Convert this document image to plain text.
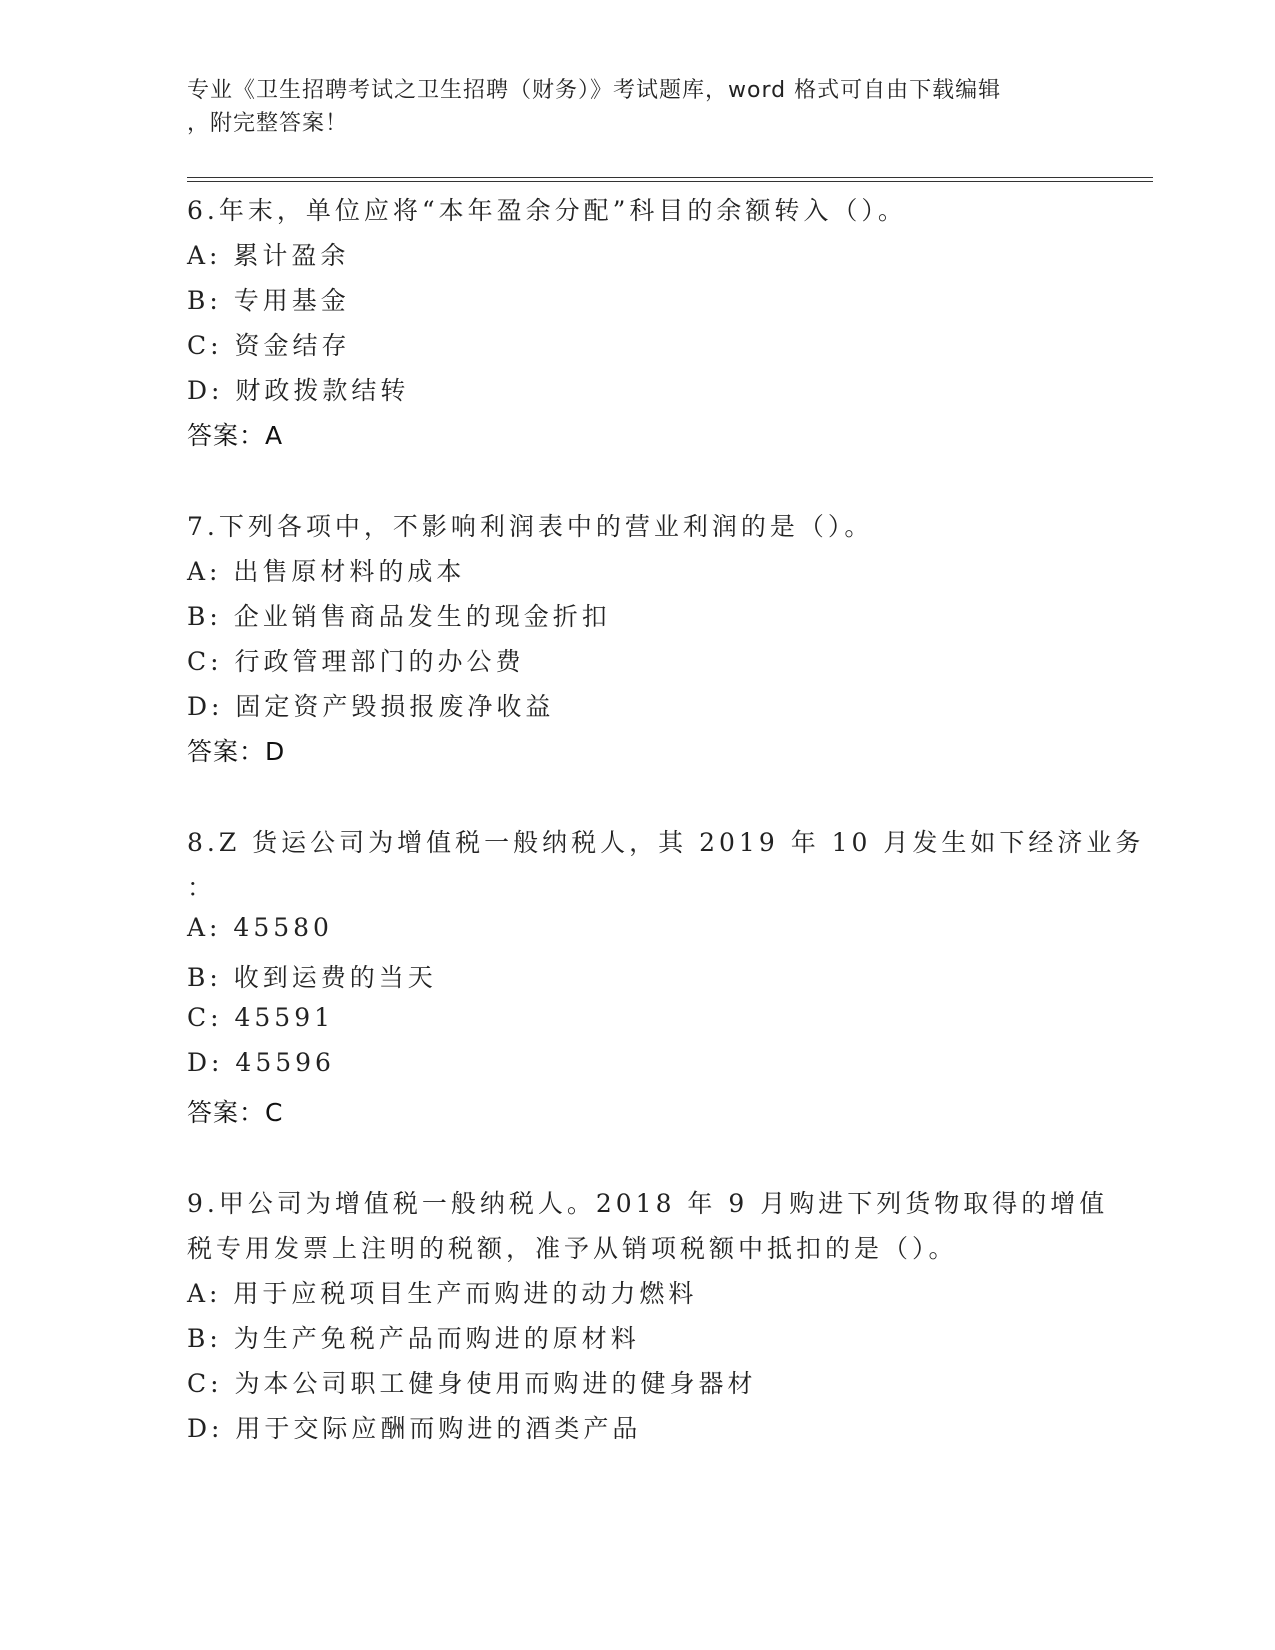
专业《卫生招聘考试之卫生招聘（财务）》考试题库，word 格式可自由下载编辑
，附完整答案！
6.年末，单位应将“本年盈余分配”科目的余额转入（）。
A: 累计盈余
B: 专用基金
C: 资金结存
D: 财政拨款结转
答案：A
7.下列各项中，不影响利润表中的营业利润的是（）。
A: 出售原材料的成本
B: 企业销售商品发生的现金折扣
C: 行政管理部门的办公费
D: 固定资产毁损报废净收益
答案：D
8.Z 货运公司为增值税一般纳税人，其 2019 年 10 月发生如下经济业务
：
A: 45580
B: 收到运费的当天
C: 45591
D: 45596
答案：C
9.甲公司为增值税一般纳税人。2018 年 9 月购进下列货物取得的增值
税专用发票上注明的税额，准予从销项税额中抵扣的是（）。
A: 用于应税项目生产而购进的动力燃料
B: 为生产免税产品而购进的原材料
C: 为本公司职工健身使用而购进的健身器材
D: 用于交际应酬而购进的酒类产品
